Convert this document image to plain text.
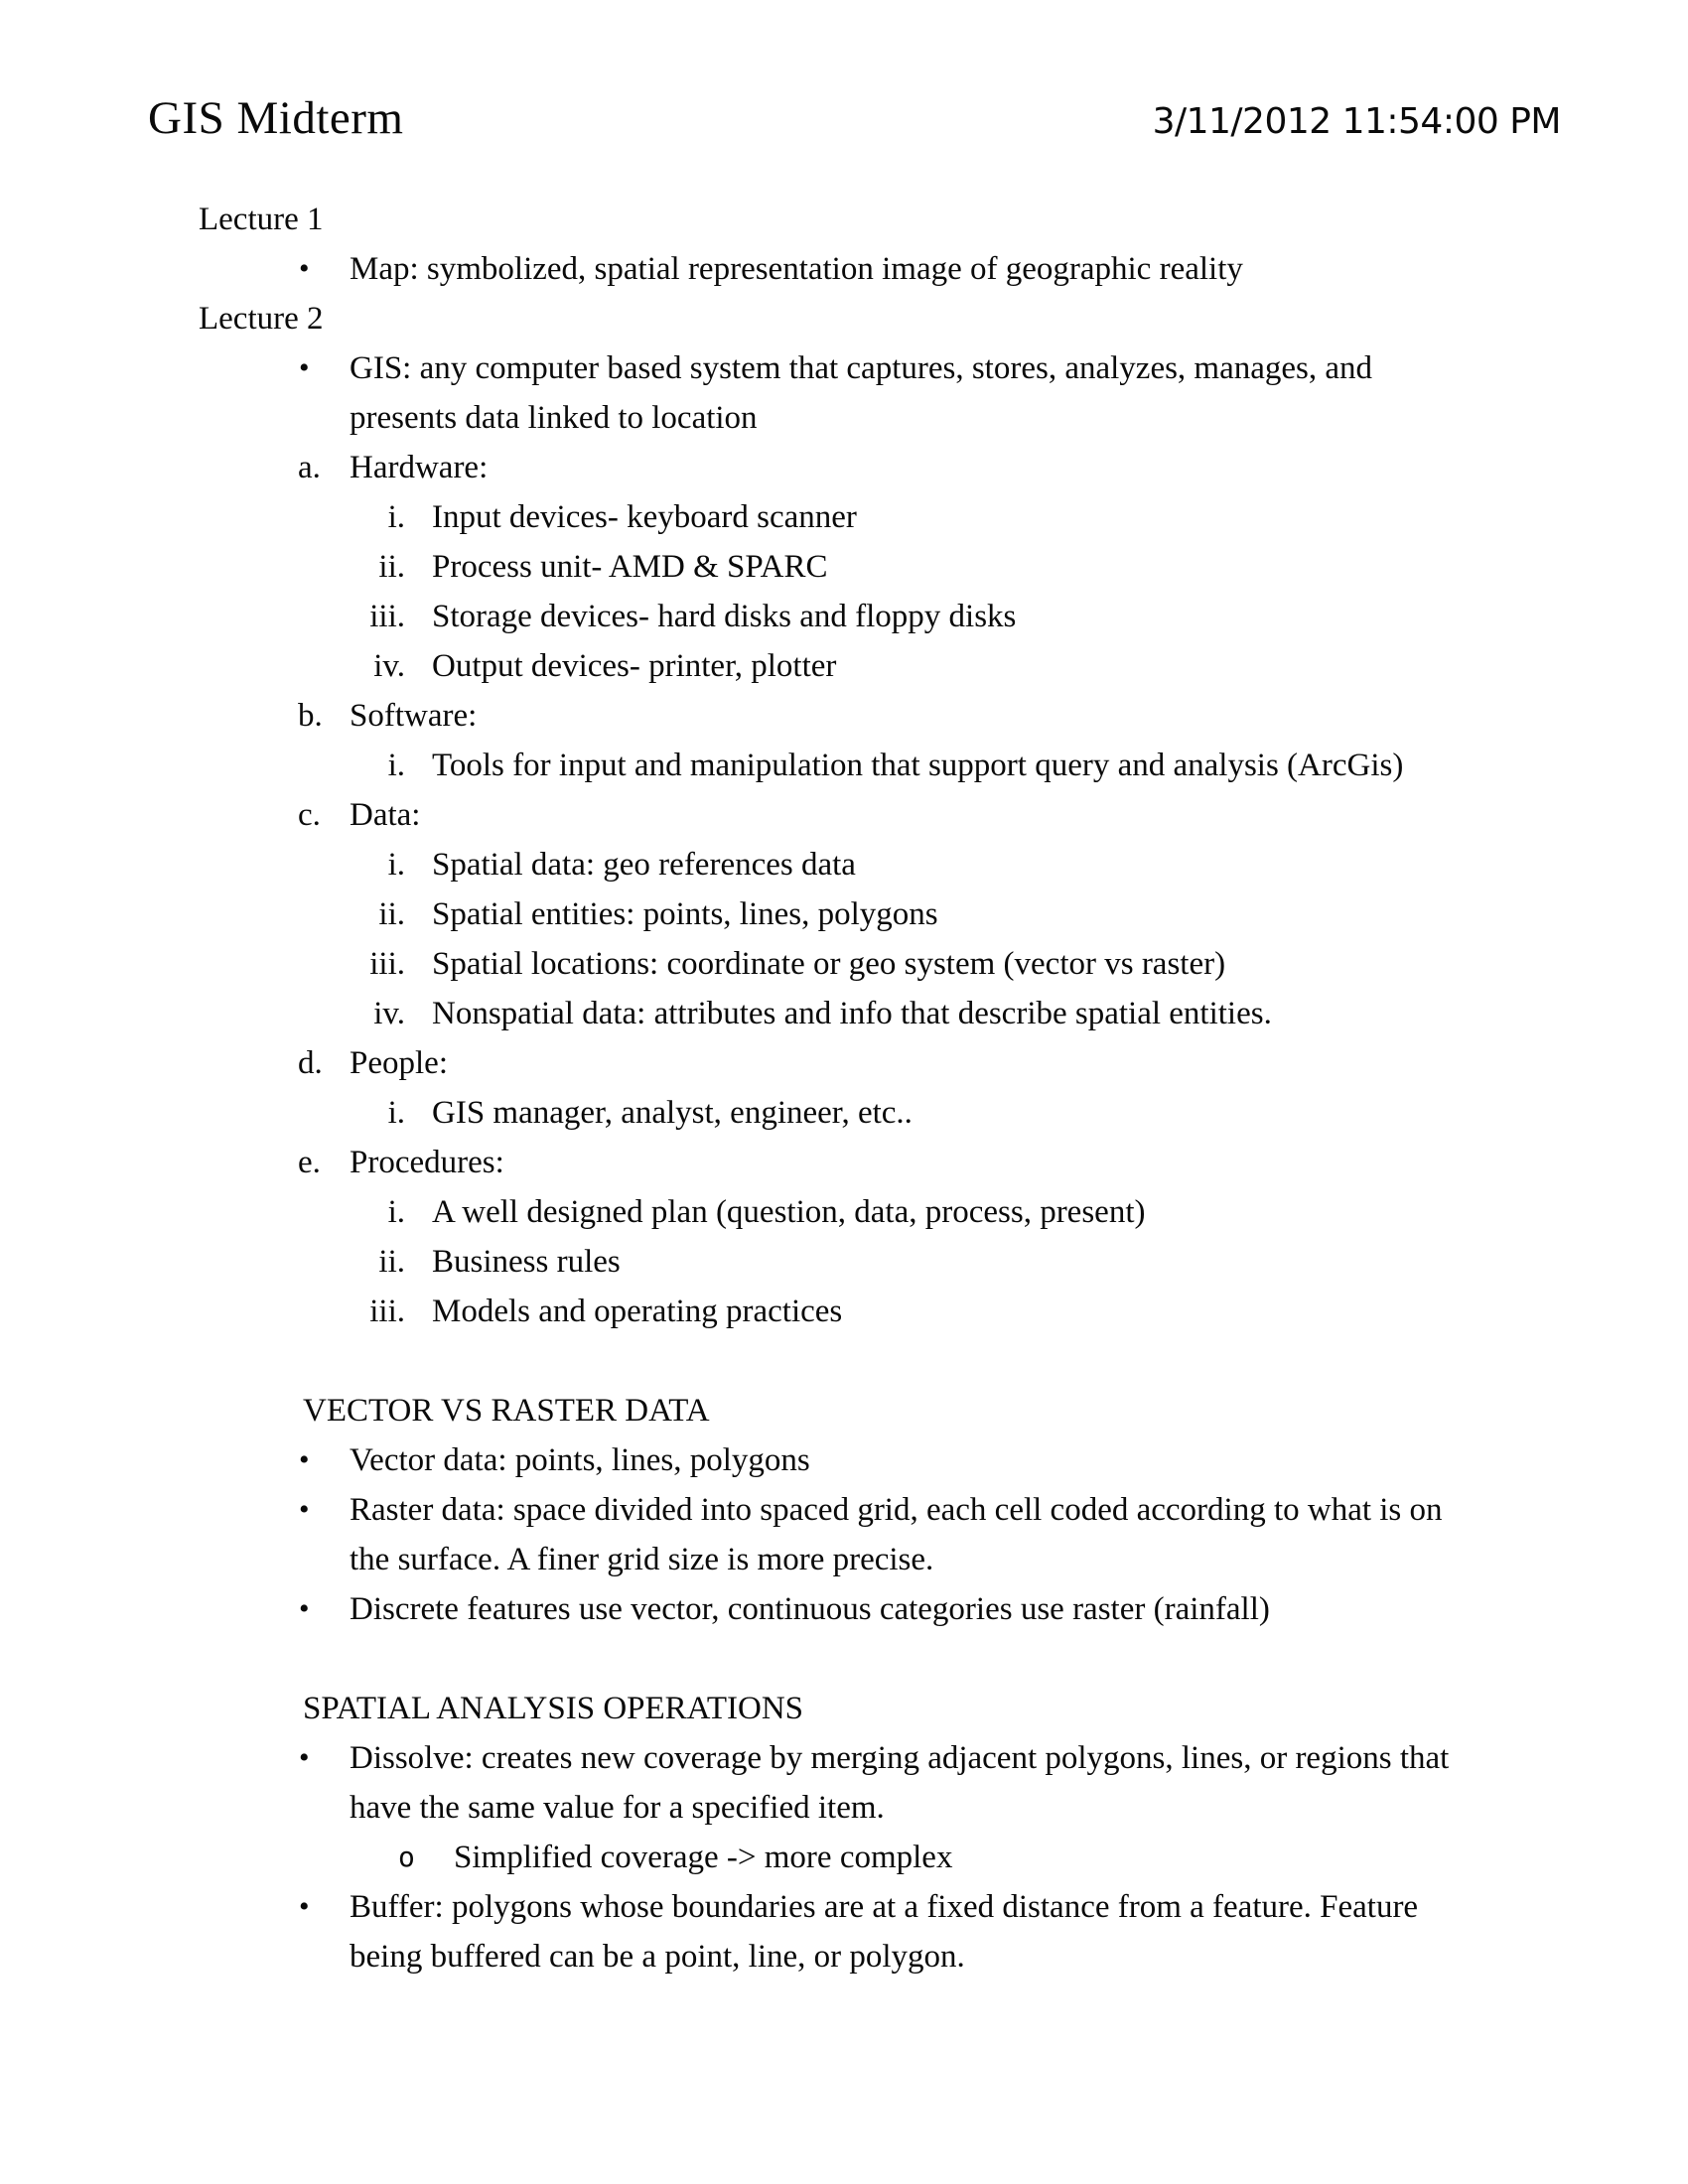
GIS Midterm	3/11/2012 11:54:00 PM
Lecture 1
• Map: symbolized, spatial representation image of geographic reality
Lecture 2
• GIS: any computer based system that captures, stores, analyzes, manages, and
presents data linked to location
a. Hardware:
i. Input devices- keyboard scanner
ii. Process unit- AMD & SPARC
iii. Storage devices- hard disks and floppy disks
iv. Output devices- printer, plotter
b. Software:
i. Tools for input and manipulation that support query and analysis (ArcGis)
c. Data:
i. Spatial data: geo references data
ii. Spatial entities: points, lines, polygons
iii. Spatial locations: coordinate or geo system (vector vs raster)
iv. Nonspatial data: attributes and info that describe spatial entities.
d. People:
i. GIS manager, analyst, engineer, etc..
e. Procedures:
i. A well designed plan (question, data, process, present)
ii. Business rules
iii. Models and operating practices
VECTOR VS RASTER DATA
• Vector data: points, lines, polygons
• Raster data: space divided into spaced grid, each cell coded according to what is on
the surface. A finer grid size is more precise.
• Discrete features use vector, continuous categories use raster (rainfall)
SPATIAL ANALYSIS OPERATIONS
• Dissolve: creates new coverage by merging adjacent polygons, lines, or regions that
have the same value for a specified item.
o Simplified coverage -> more complex
• Buffer: polygons whose boundaries are at a fixed distance from a feature. Feature
being buffered can be a point, line, or polygon.
